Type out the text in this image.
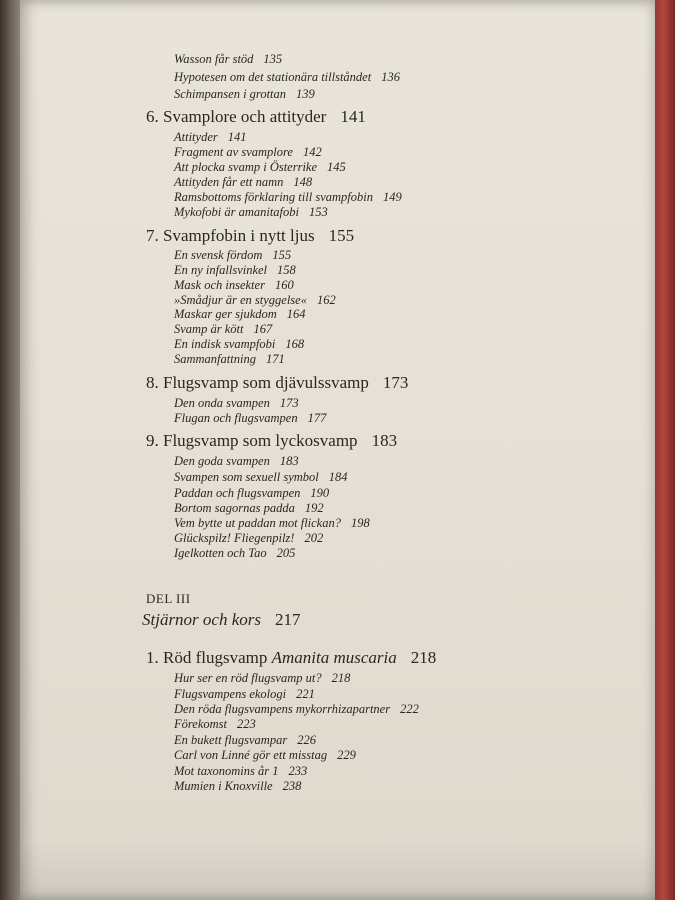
Wasson får stöd 135
Hypotesen om det stationära tillståndet 136
Schimpansen i grottan 139
6. Svamplore och attityder 141
Attityder 141
Fragment av svamplore 142
Att plocka svamp i Österrike 145
Attityden får ett namn 148
Ramsbottoms förklaring till svampfobin 149
Mykofobi är amanitafobi 153
7. Svampfobin i nytt ljus 155
En svensk fördom 155
En ny infallsvinkel 158
Mask och insekter 160
»Smådjur är en styggelse« 162
Maskar ger sjukdom 164
Svamp är kött 167
En indisk svampfobi 168
Sammanfattning 171
8. Flugsvamp som djävulssvamp 173
Den onda svampen 173
Flugan och flugsvampen 177
9. Flugsvamp som lyckosvamp 183
Den goda svampen 183
Svampen som sexuell symbol 184
Paddan och flugsvampen 190
Bortom sagornas padda 192
Vem bytte ut paddan mot flickan? 198
Glückspilz! Fliegenpilz! 202
Igelkotten och Tao 205
DEL III
Stjärnor och kors 217
1. Röd flugsvamp Amanita muscaria 218
Hur ser en röd flugsvamp ut? 218
Flugsvampens ekologi 221
Den röda flugsvampens mykorrhizapartner 222
Förekomst 223
En bukett flugsvampar 226
Carl von Linné gör ett misstag 229
Mot taxonomins år 1 233
Mumien i Knoxville 238
